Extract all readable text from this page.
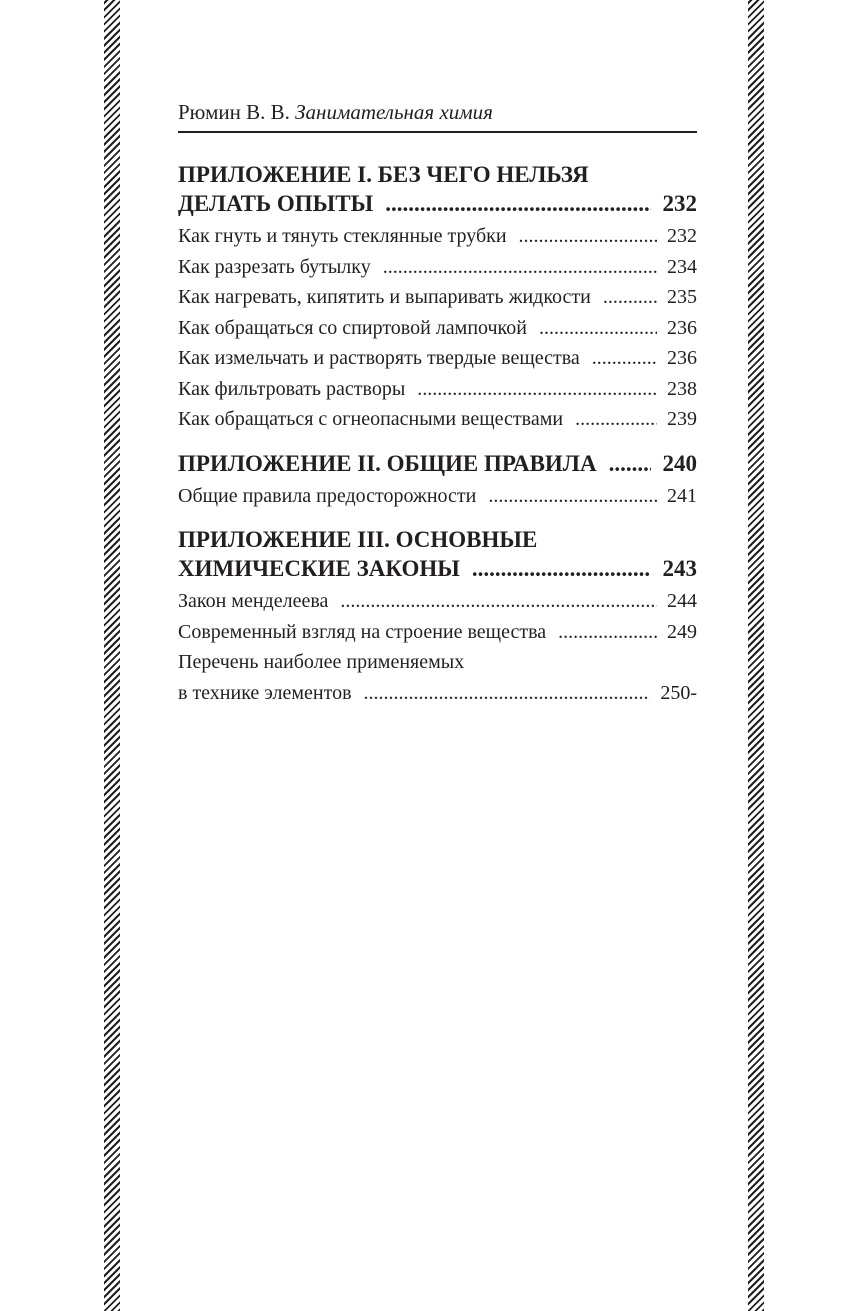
Рюмин В. В. Занимательная химия
ПРИЛОЖЕНИЕ I. БЕЗ ЧЕГО НЕЛЬЗЯ
ДЕЛАТЬ ОПЫТЫ .....	232
Как гнуть и тянуть стеклянные трубки .....	232
Как разрезать бутылку .....	234
Как нагревать, кипятить и выпаривать жидкости .....	235
Как обращаться со спиртовой лампочкой .....	236
Как измельчать и растворять твердые вещества .....	236
Как фильтровать растворы .....	238
Как обращаться с огнеопасными веществами .....	239
ПРИЛОЖЕНИЕ II. ОБЩИЕ ПРАВИЛА .....	240
Общие правила предосторожности .....	241
ПРИЛОЖЕНИЕ III. ОСНОВНЫЕ
ХИМИЧЕСКИЕ ЗАКОНЫ .....	243
Закон менделеева .....	244
Современный взгляд на строение вещества .....	249
Перечень наиболее применяемых
в технике элементов .....	250-
